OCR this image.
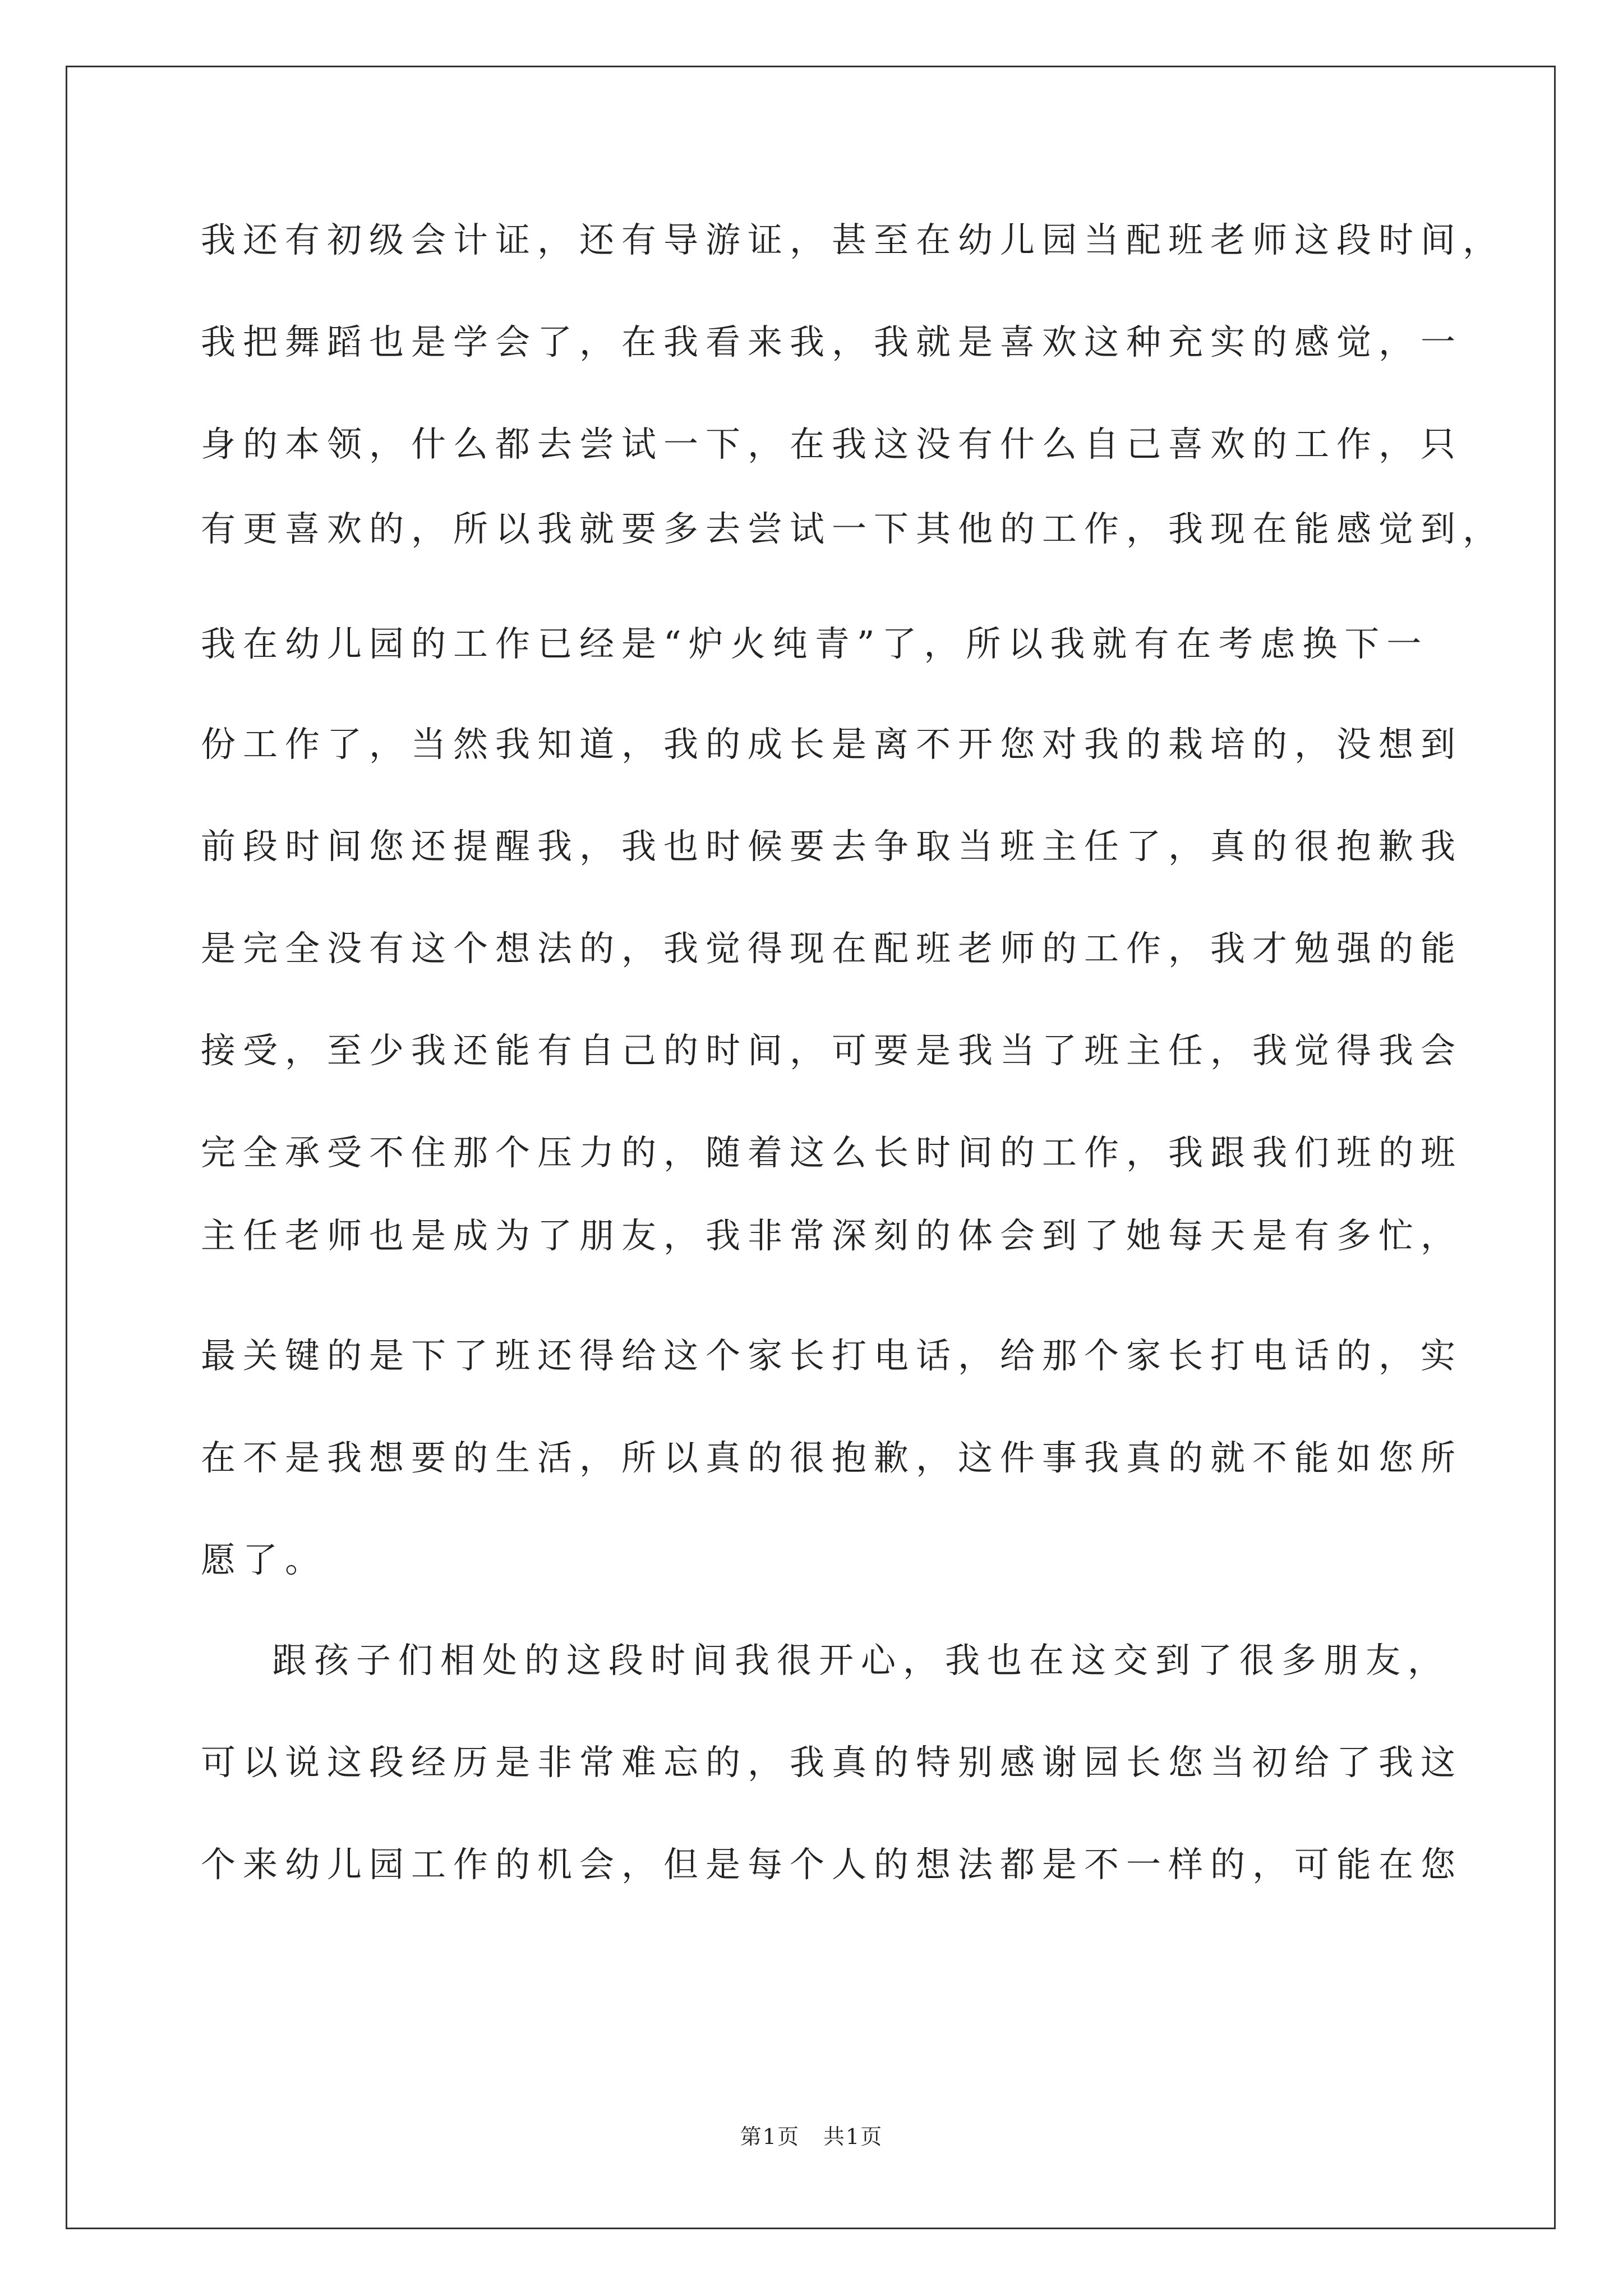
我还有初级会计证，还有导游证，甚至在幼儿园当配班老师这段时间，

我把舞蹈也是学会了，在我看来我，我就是喜欢这种充实的感觉，一

身的本领，什么都去尝试一下，在我这没有什么自己喜欢的工作，只

有更喜欢的，所以我就要多去尝试一下其他的工作，我现在能感觉到，

我在幼儿园的工作已经是“炉火纯青”了，所以我就有在考虑换下一

份工作了，当然我知道，我的成长是离不开您对我的栽培的，没想到

前段时间您还提醒我，我也时候要去争取当班主任了，真的很抱歉我

是完全没有这个想法的，我觉得现在配班老师的工作，我才勉强的能

接受，至少我还能有自己的时间，可要是我当了班主任，我觉得我会

完全承受不住那个压力的，随着这么长时间的工作，我跟我们班的班

主任老师也是成为了朋友，我非常深刻的体会到了她每天是有多忙，

最关键的是下了班还得给这个家长打电话，给那个家长打电话的，实

在不是我想要的生活，所以真的很抱歉，这件事我真的就不能如您所

愿了。

跟孩子们相处的这段时间我很开心，我也在这交到了很多朋友，

可以说这段经历是非常难忘的，我真的特别感谢园长您当初给了我这

个来幼儿园工作的机会，但是每个人的想法都是不一样的，可能在您

第1页 共1页
